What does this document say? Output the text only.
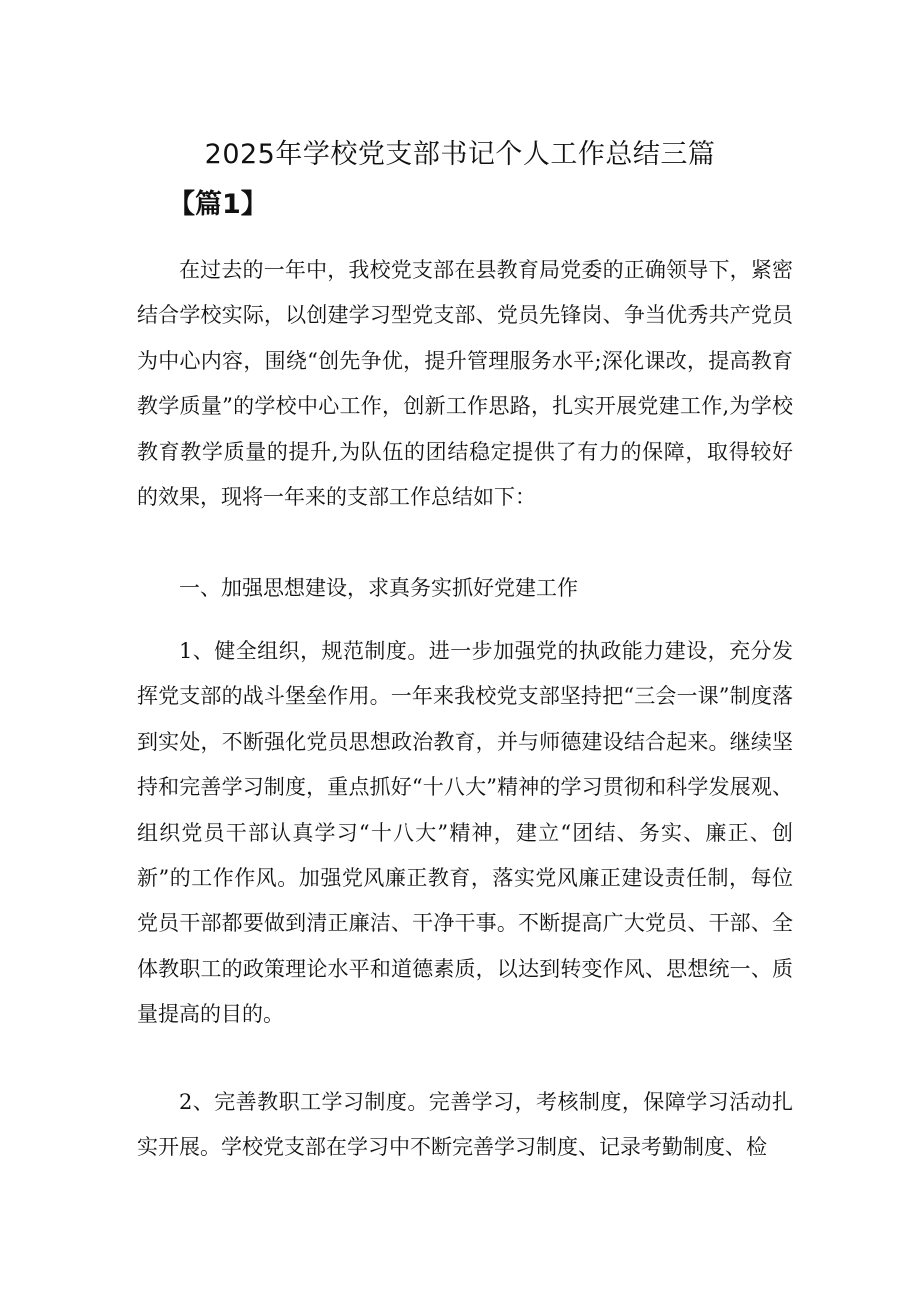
2025年学校党支部书记个人工作总结三篇
【篇1】

在过去的一年中，我校党支部在县教育局党委的正确领导下，紧密结合学校实际，以创建学习型党支部、党员先锋岗、争当优秀共产党员为中心内容，围绕“创先争优，提升管理服务水平;深化课改，提高教育教学质量”的学校中心工作，创新工作思路，扎实开展党建工作,为学校教育教学质量的提升,为队伍的团结稳定提供了有力的保障，取得较好的效果，现将一年来的支部工作总结如下：

一、加强思想建设，求真务实抓好党建工作

1、健全组织，规范制度。进一步加强党的执政能力建设，充分发挥党支部的战斗堡垒作用。一年来我校党支部坚持把“三会一课”制度落到实处，不断强化党员思想政治教育，并与师德建设结合起来。继续坚持和完善学习制度，重点抓好“十八大”精神的学习贯彻和科学发展观、组织党员干部认真学习“十八大”精神，建立“团结、务实、廉正、创新”的工作作风。加强党风廉正教育，落实党风廉正建设责任制，每位党员干部都要做到清正廉洁、干净干事。不断提高广大党员、干部、全体教职工的政策理论水平和道德素质，以达到转变作风、思想统一、质量提高的目的。

2、完善教职工学习制度。完善学习，考核制度，保障学习活动扎实开展。学校党支部在学习中不断完善学习制度、记录考勤制度、检
